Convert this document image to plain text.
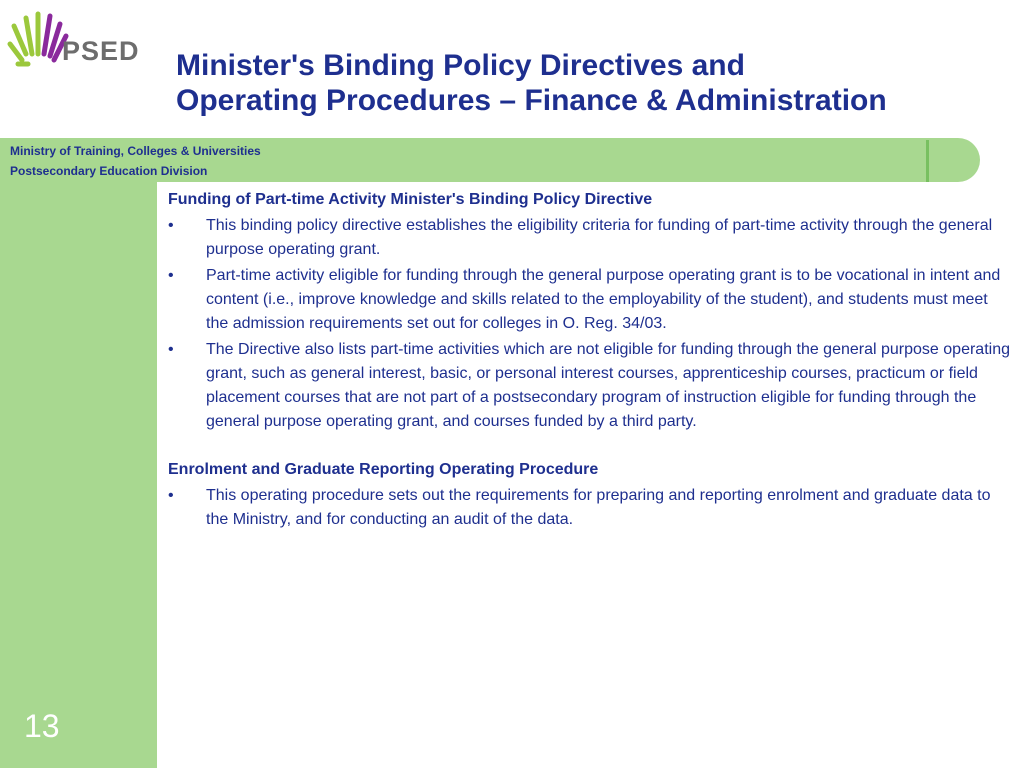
Ministry of Training, Colleges & Universities
Postsecondary Education Division
PSED Minister's Binding Policy Directives and
Operating Procedures – Finance & Administration
Funding of Part-time Activity Minister's Binding Policy Directive
• This binding policy directive establishes the eligibility criteria for funding of part-time activity through the general purpose operating grant.
• Part-time activity eligible for funding through the general purpose operating grant is to be vocational in intent and content (i.e., improve knowledge and skills related to the employability of the student), and students must meet the admission requirements set out for colleges in O. Reg. 34/03.
• The Directive also lists part-time activities which are not eligible for funding through the general purpose operating grant, such as general interest, basic, or personal interest courses, apprenticeship courses, practicum or field placement courses that are not part of a postsecondary program of instruction eligible for funding through the general purpose operating grant, and courses funded by a third party.
Enrolment and Graduate Reporting Operating Procedure
• This operating procedure sets out the requirements for preparing and reporting enrolment and graduate data to the Ministry, and for conducting an audit of the data.
13
